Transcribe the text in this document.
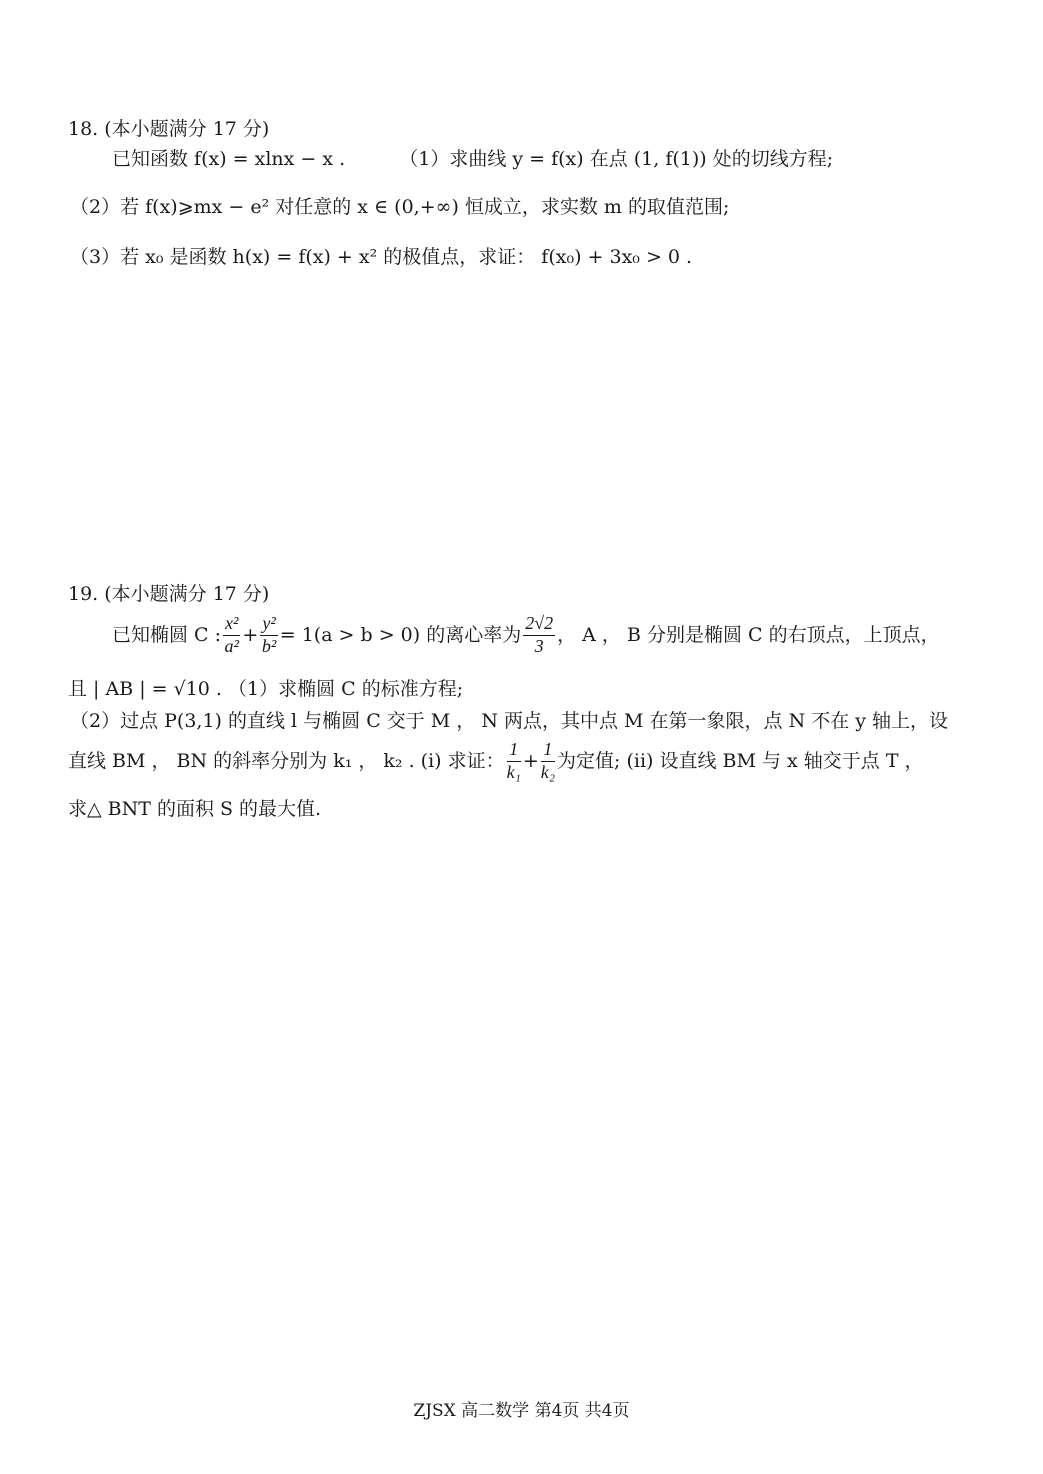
18. (本小题满分 17 分)
已知函数 f(x) = xlnx − x .	（1）求曲线 y = f(x) 在点 (1, f(1)) 处的切线方程;
（2）若 f(x)⩾mx − e² 对任意的 x ∈ (0,+∞) 恒成立，求实数 m 的取值范围;
（3）若 x₀ 是函数 h(x) = f(x) + x² 的极值点，求证： f(x₀) + 3x₀ > 0 .
19. (本小题满分 17 分)
已知椭圆 C : $\frac{\text{x²}}{\text{a²}} + \frac{\text{y²}}{\text{b²}} = 1(a > b > 0)$ 的离心率为 $\frac{2√2}{3}$ ， A ， B 分别是椭圆 C 的右顶点，上顶点，
且 | AB | = √10 . （1）求椭圆 C 的标准方程;
（2）过点 P(3,1) 的直线 l 与椭圆 C 交于 M ， N 两点，其中点 M 在第一象限，点 N 不在 y 轴上，设
直线 BM ， BN 的斜率分别为 k₁ ， k₂ . (i) 求证： $\frac{1}{\text{k₁}} + \frac{1}{\text{k₂}}$ 为定值; (ii) 设直线 BM 与 x 轴交于点 T ，
求△ BNT 的面积 S 的最大值.
ZJSX 高二数学 第4页 共4页
